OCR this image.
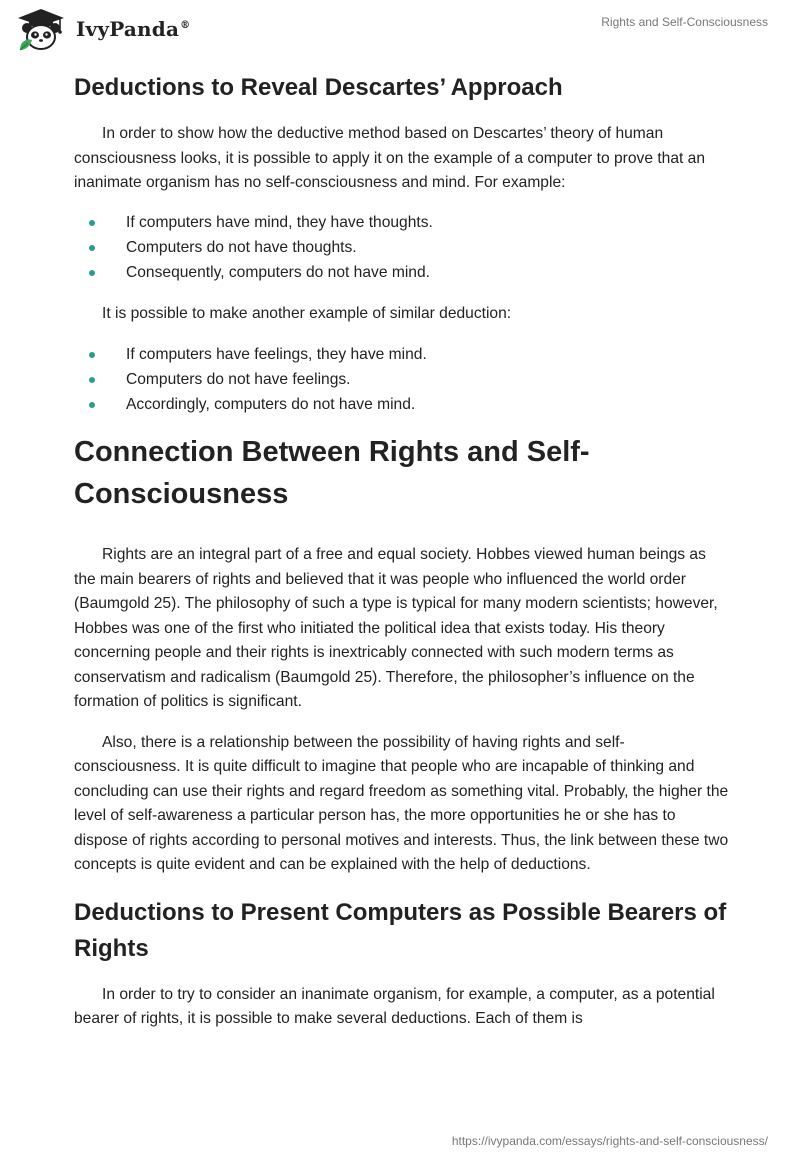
IvyPanda®	Rights and Self-Consciousness
Deductions to Reveal Descartes’ Approach

In order to show how the deductive method based on Descartes’ theory of human consciousness looks, it is possible to apply it on the example of a computer to prove that an inanimate organism has no self-consciousness and mind. For example:

If computers have mind, they have thoughts.
Computers do not have thoughts.
Consequently, computers do not have mind.

It is possible to make another example of similar deduction:

If computers have feelings, they have mind.
Computers do not have feelings.
Accordingly, computers do not have mind.
Connection Between Rights and Self-Consciousness

Rights are an integral part of a free and equal society. Hobbes viewed human beings as the main bearers of rights and believed that it was people who influenced the world order (Baumgold 25). The philosophy of such a type is typical for many modern scientists; however, Hobbes was one of the first who initiated the political idea that exists today. His theory concerning people and their rights is inextricably connected with such modern terms as conservatism and radicalism (Baumgold 25). Therefore, the philosopher’s influence on the formation of politics is significant.

Also, there is a relationship between the possibility of having rights and self-consciousness. It is quite difficult to imagine that people who are incapable of thinking and concluding can use their rights and regard freedom as something vital. Probably, the higher the level of self-awareness a particular person has, the more opportunities he or she has to dispose of rights according to personal motives and interests. Thus, the link between these two concepts is quite evident and can be explained with the help of deductions.

Deductions to Present Computers as Possible Bearers of Rights

In order to try to consider an inanimate organism, for example, a computer, as a potential bearer of rights, it is possible to make several deductions. Each of them is

https://ivypanda.com/essays/rights-and-self-consciousness/
